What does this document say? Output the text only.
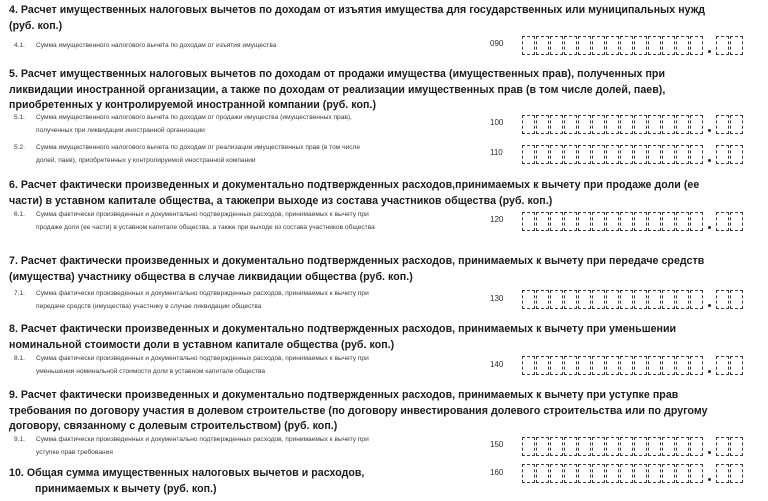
4. Расчет имущественных налоговых вычетов по доходам от изъятия имущества для государственных или муниципальных нужд
(руб. коп.)
4.1. Сумма имущественного налогового вычета по доходам от изъятия имущества	090
5. Расчет имущественных налоговых вычетов по доходам от продажи имущества (имущественных прав), полученных при
ликвидации иностранной организации, а также по доходам от реализации имущественных прав (в том числе долей, паев),
приобретенных у контролируемой иностранной компании (руб. коп.)
5.1. Сумма имущественного налогового вычета по доходам от продажи имущества (имущественных прав),
полученных при ликвидации иностранной организации
100
5.2. Сумма имущественного налогового вычета по доходам от реализации имущественных прав (в том числе
долей, паев), приобретенных у контролируемой иностранной компании
110
6. Расчет фактически произведенных и документально подтвержденных расходов,принимаемых к вычету при продаже доли (ее
части) в уставном капитале общества, а такжепри выходе из состава участников общества (руб. коп.)
6.1. Сумма фактически произведенных и документально подтвержденных расходов, принимаемых к вычету при
продаже доли (ее части) в уставном капитале общества, а также при выходе из состава участников общества
120
7. Расчет фактически произведенных и документально подтвержденных расходов, принимаемых к вычету при передаче средств
(имущества) участнику общества в случае ликвидации общества (руб. коп.)
7.1. Сумма фактически произведенных и документально подтвержденных расходов, принимаемых к вычету при
передаче средств (имущества) участнику в случае ликвидации общества
130
8. Расчет фактически произведенных и документально подтвержденных расходов, принимаемых к вычету при уменьшении
номинальной стоимости доли в уставном капитале общества (руб. коп.)
8.1. Сумма фактически произведенных и документально подтвержденных расходов, принимаемых к вычету при
уменьшении номинальной стоимости доли в уставном капитале общества
140
9. Расчет фактически произведенных и документально подтвержденных расходов, принимаемых к вычету при уступке прав
требования по договору участия в долевом строительстве (по договору инвестирования долевого строительства или по другому
договору, связанному с долевым строительством) (руб. коп.)
9.1. Сумма фактически произведенных и документально подтвержденных расходов, принимаемых к вычету при
уступке прав требования
150
10. Общая сумма имущественных налоговых вычетов и расходов,
принимаемых к вычету (руб. коп.)
160
